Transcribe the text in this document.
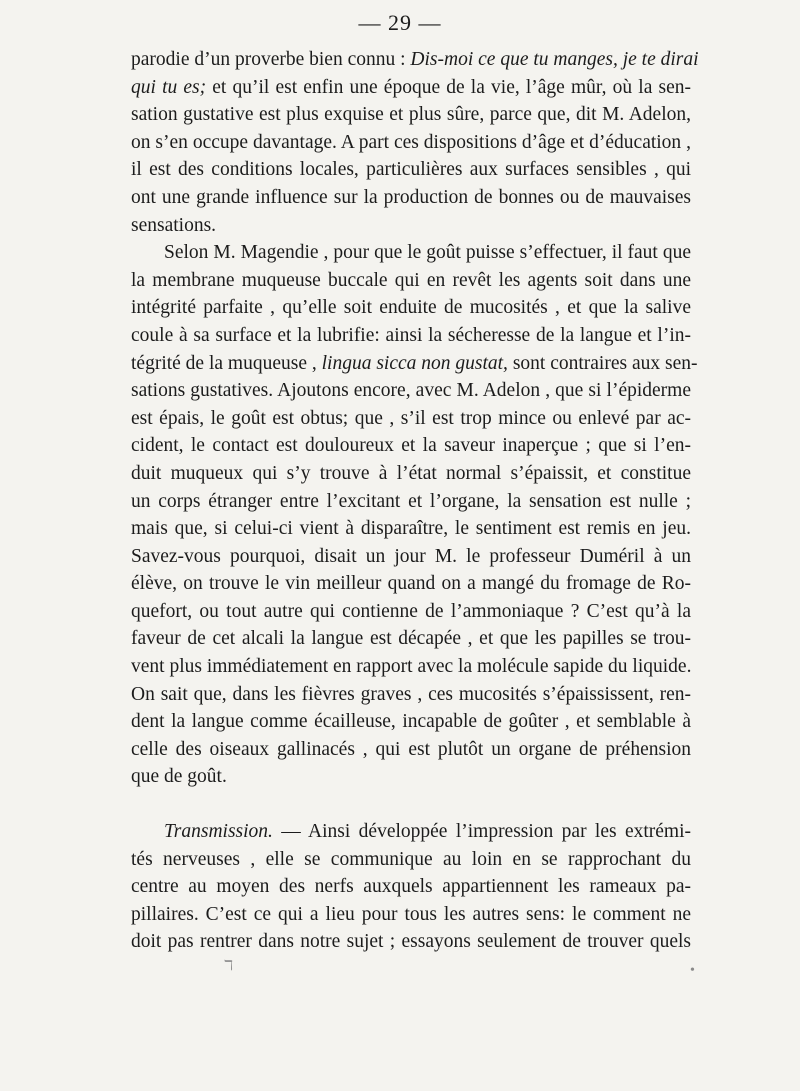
— 29 —

parodie d’un proverbe bien connu : Dis-moi ce que tu manges, je te dirai
qui tu es; et qu’il est enfin une époque de la vie, l’âge mûr, où la sen-
sation gustative est plus exquise et plus sûre, parce que, dit M. Adelon,
on s’en occupe davantage. A part ces dispositions d’âge et d’éducation ,
il est des conditions locales, particulières aux surfaces sensibles , qui
ont une grande influence sur la production de bonnes ou de mauvaises
sensations.

Selon M. Magendie , pour que le goût puisse s’effectuer, il faut que
la membrane muqueuse buccale qui en revêt les agents soit dans une
intégrité parfaite , qu’elle soit enduite de mucosités , et que la salive
coule à sa surface et la lubrifie: ainsi la sécheresse de la langue et l’in-
tégrité de la muqueuse , lingua sicca non gustat, sont contraires aux sen-
sations gustatives. Ajoutons encore, avec M. Adelon , que si l’épiderme
est épais, le goût est obtus; que , s’il est trop mince ou enlevé par ac-
cident, le contact est douloureux et la saveur inaperçue ; que si l’en-
duit muqueux qui s’y trouve à l’état normal s’épaissit, et constitue
un corps étranger entre l’excitant et l’organe, la sensation est nulle ;
mais que, si celui-ci vient à disparaître, le sentiment est remis en jeu.
Savez-vous pourquoi, disait un jour M. le professeur Duméril à un
élève, on trouve le vin meilleur quand on a mangé du fromage de Ro-
quefort, ou tout autre qui contienne de l’ammoniaque ? C’est qu’à la
faveur de cet alcali la langue est décapée , et que les papilles se trou-
vent plus immédiatement en rapport avec la molécule sapide du liquide.
On sait que, dans les fièvres graves , ces mucosités s’épaississent, ren-
dent la langue comme écailleuse, incapable de goûter , et semblable à
celle des oiseaux gallinacés , qui est plutôt un organe de préhension
que de goût.

Transmission. — Ainsi développée l’impression par les extrémi-
tés nerveuses , elle se communique au loin en se rapprochant du
centre au moyen des nerfs auxquels appartiennent les rameaux pa-
pillaires. C’est ce qui a lieu pour tous les autres sens: le comment ne
doit pas rentrer dans notre sujet ; essayons seulement de trouver quels

ℸ	•
